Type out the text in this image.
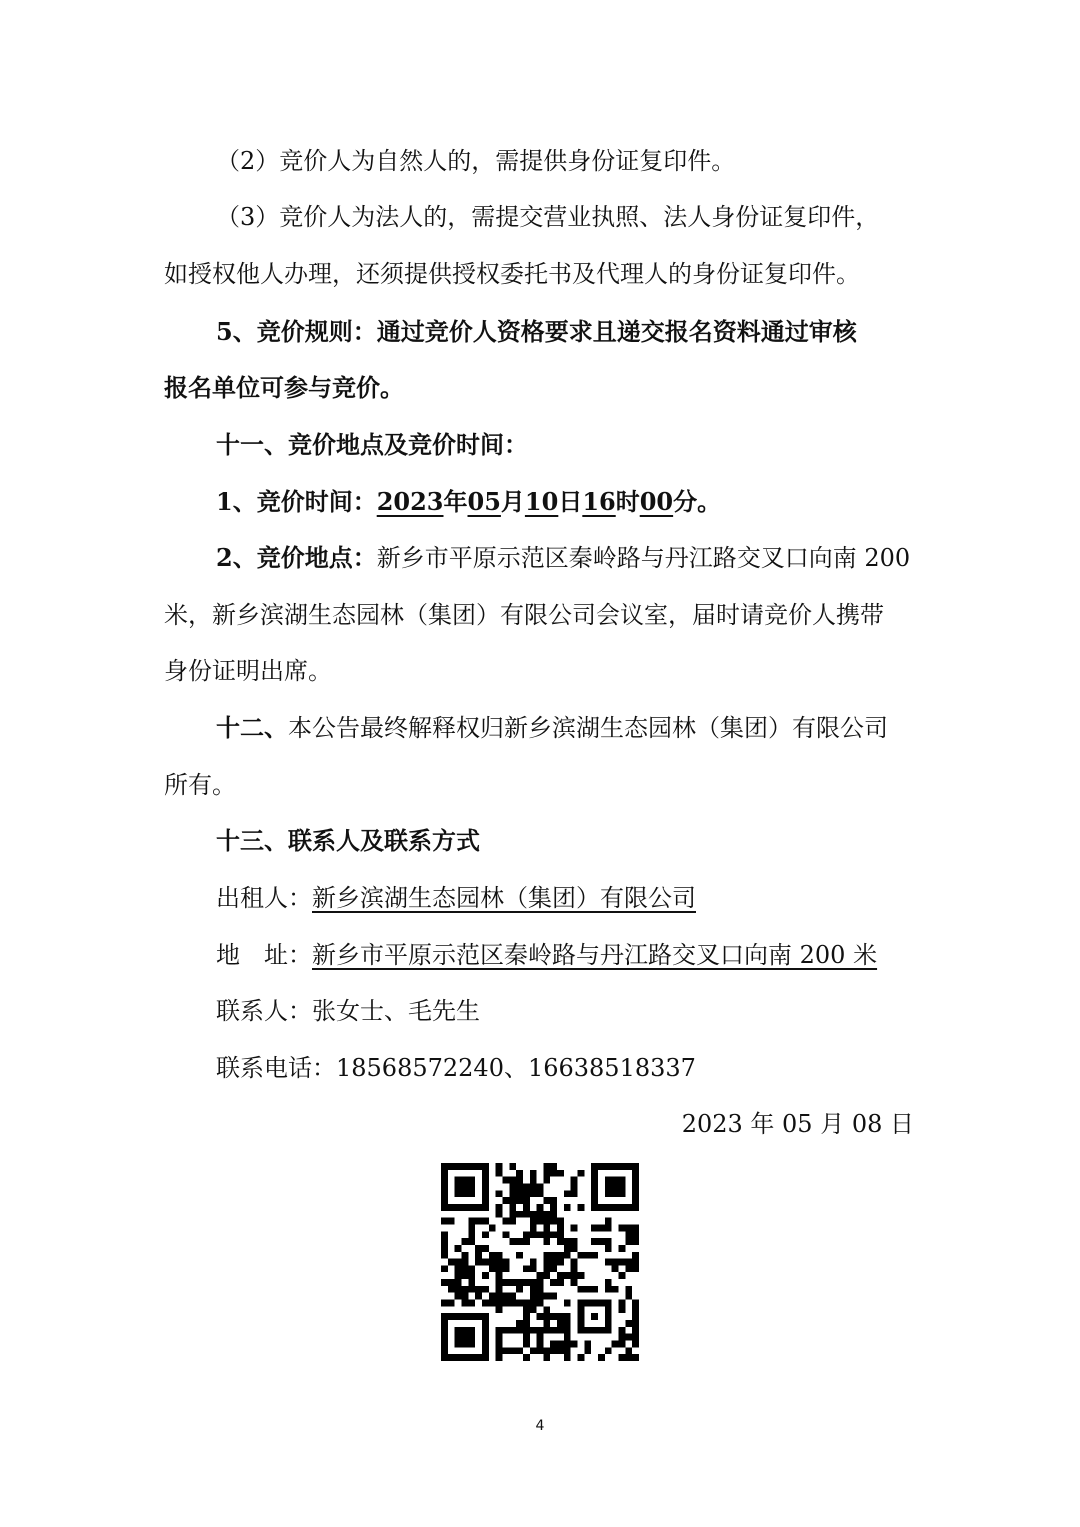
（2）竞价人为自然人的，需提供身份证复印件。
（3）竞价人为法人的，需提交营业执照、法人身份证复印件，
如授权他人办理，还须提供授权委托书及代理人的身份证复印件。
5、竞价规则：通过竞价人资格要求且递交报名资料通过审核
报名单位可参与竞价。
十一、竞价地点及竞价时间：
1、竞价时间：2023年05月10日16时00分。
2、竞价地点：新乡市平原示范区秦岭路与丹江路交叉口向南 200
米，新乡滨湖生态园林（集团）有限公司会议室，届时请竞价人携带
身份证明出席。
十二、本公告最终解释权归新乡滨湖生态园林（集团）有限公司
所有。
十三、联系人及联系方式
出租人：新乡滨湖生态园林（集团）有限公司
地　址：新乡市平原示范区秦岭路与丹江路交叉口向南 200 米
联系人：张女士、毛先生
联系电话：18568572240、16638518337
2023 年 05 月 08 日
4
